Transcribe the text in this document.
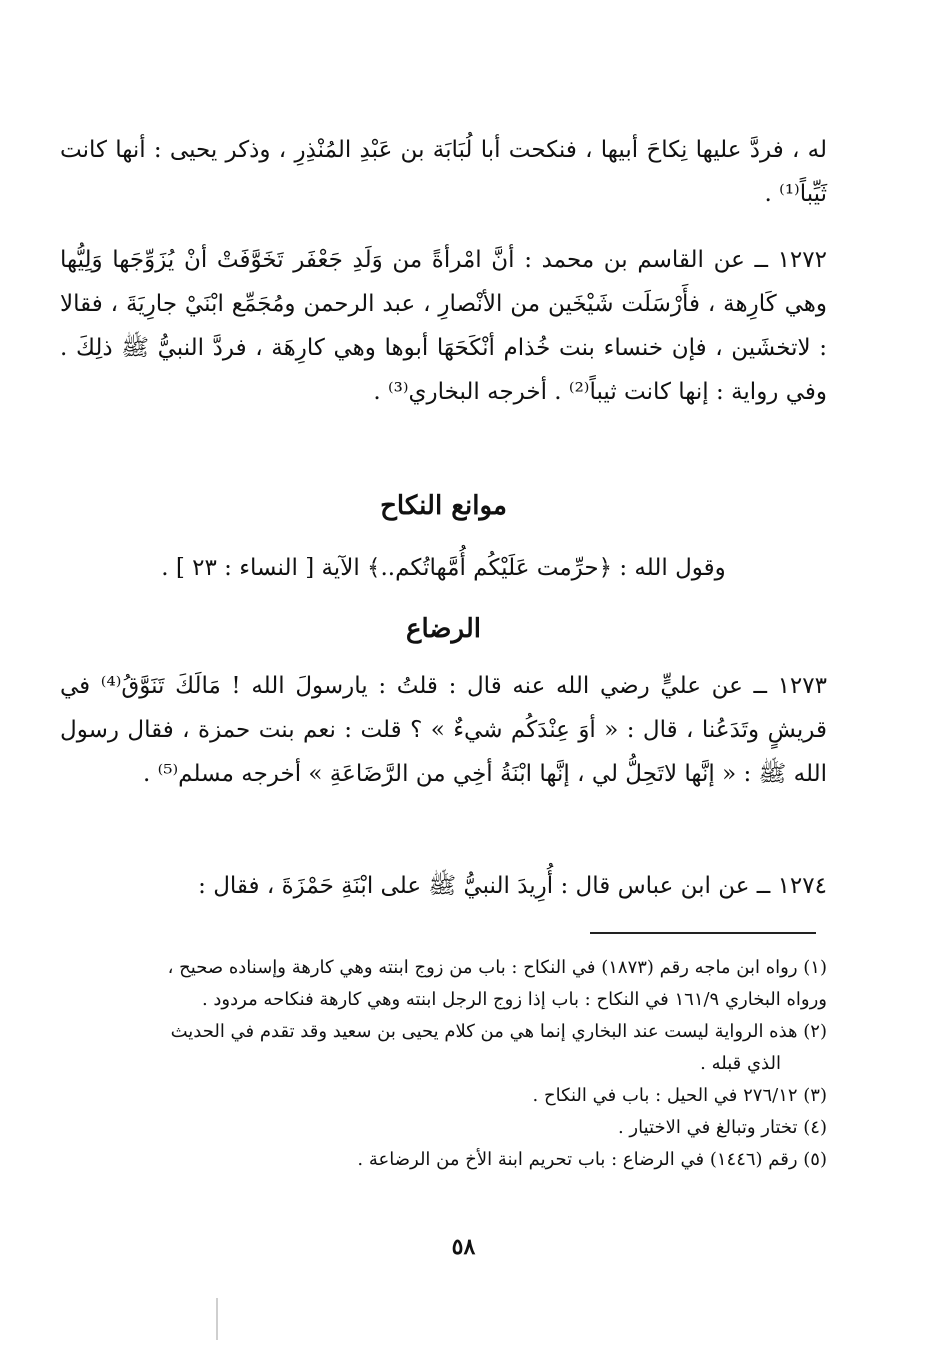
له ، فردَّ عليها نِكاحَ أبيها ، فنكحت أبا لُبَابَة بن عَبْدِ المُنْذِرِ ، وذكر يحيى : أنها كانت ثَيِّباً⁽¹⁾ .

١٢٧٢ ــ عن القاسم بن محمد : أنَّ امْرأةً من وَلَدِ جَعْفَر تَخَوَّفَتْ أنْ يُزَوِّجَها وَلِيُّها وهي كَارِهة ، فأَرْسَلَت شَيْخَين من الأنْصارِ ، عبد الرحمن ومُجَمِّع ابْنَيْ جارِيَةَ ، فقالا : لاتخشَين ، فإن خنساء بنت خُذام أنْكَحَهَا أبوها وهي كارِهَة ، فردَّ النبيُّ ﷺ ذلِكَ . وفي رواية : إنها كانت ثيباً⁽²⁾ . أخرجه البخاري⁽³⁾ .

موانع النكاح
وقول الله : ﴿حرِّمت عَلَيْكُم أُمَّهاتُكم..﴾ الآية [ النساء : ٢٣ ] .
الرضاع

١٢٧٣ ــ عن عليٍّ رضي الله عنه قال : قلتُ : يارسولَ الله ! مَالَكَ تَنَوَّقُ⁽⁴⁾ في قريشٍ وتَدَعُنا ، قال : « أوَ عِنْدَكُم شيءٌ » ؟ قلت : نعم بنت حمزة ، فقال رسول الله ﷺ : « إنَّها لاتَحِلُّ لي ، إنَّها ابْنَةُ أخِي من الرَّضَاعَةِ » أخرجه مسلم⁽⁵⁾ .

١٢٧٤ ــ عن ابن عباس قال : أُرِيدَ النبيُّ ﷺ على ابْنَةِ حَمْزَةَ ، فقال :

(١) رواه ابن ماجه رقم (١٨٧٣) في النكاح : باب من زوج ابنته وهي كارهة وإسناده صحيح ،

ورواه البخاري ١٦١/٩ في النكاح : باب إذا زوج الرجل ابنته وهي كارهة فنكاحه مردود .

(٢) هذه الرواية ليست عند البخاري إنما هي من كلام يحيى بن سعيد وقد تقدم في الحديث

الذي قبله .

(٣) ٢٧٦/١٢ في الحيل : باب في النكاح .

(٤) تختار وتبالغ في الاختيار .

(٥) رقم (١٤٤٦) في الرضاع : باب تحريم ابنة الأخ من الرضاعة .

٥٨
